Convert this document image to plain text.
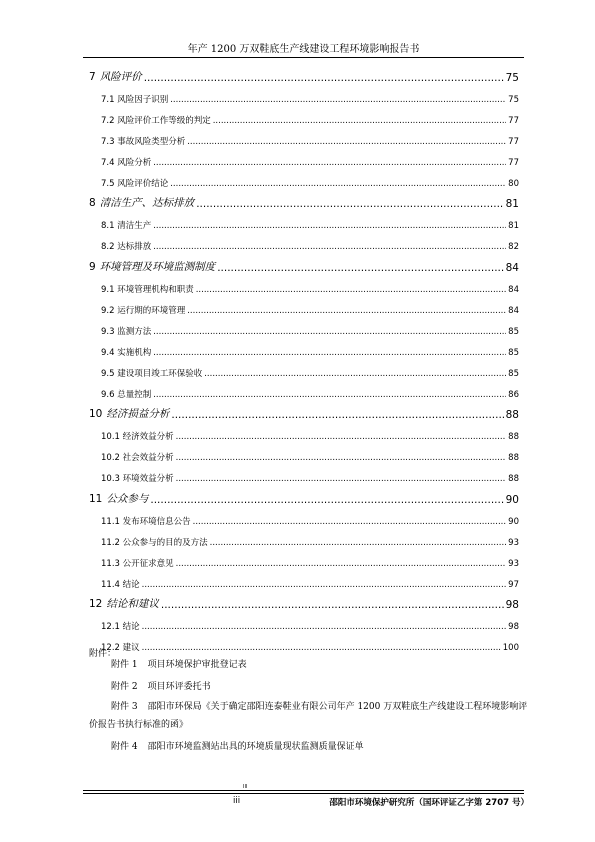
年产 1200 万双鞋底生产线建设工程环境影响报告书
7 风险评价 .....	75
7.1 风险因子识别 .....	75
7.2 风险评价工作等级的判定 .....	77
7.3 事故风险类型分析 .....	77
7.4 风险分析 .....	77
7.5 风险评价结论 .....	80
8 清洁生产、达标排放 .....	81
8.1 清洁生产 .....	81
8.2 达标排放 .....	82
9 环境管理及环境监测制度 .....	84
9.1 环境管理机构和职责 .....	84
9.2 运行期的环境管理 .....	84
9.3 监测方法 .....	85
9.4 实施机构 .....	85
9.5 建设项目竣工环保验收 .....	85
9.6 总量控制 .....	86
10 经济损益分析 .....	88
10.1 经济效益分析 .....	88
10.2 社会效益分析 .....	88
10.3 环境效益分析 .....	88
11 公众参与 .....	90
11.1 发布环境信息公告 .....	90
11.2 公众参与的目的及方法 .....	93
11.3 公开征求意见 .....	93
11.4 结论 .....	97
12 结论和建议 .....	98
12.1 结论 .....	98
12.2 建议 .....	100
附件：
附件 1 项目环境保护审批登记表
附件 2 项目环评委托书
附件 3 邵阳市环保局《关于确定邵阳连泰鞋业有限公司年产 1200 万双鞋底生产线建设工程环境影响评价报告书执行标准的函》
附件 4 邵阳市环境监测站出具的环境质量现状监测质量保证单
III
iii	邵阳市环境保护研究所（国环评证乙字第 2707 号）
